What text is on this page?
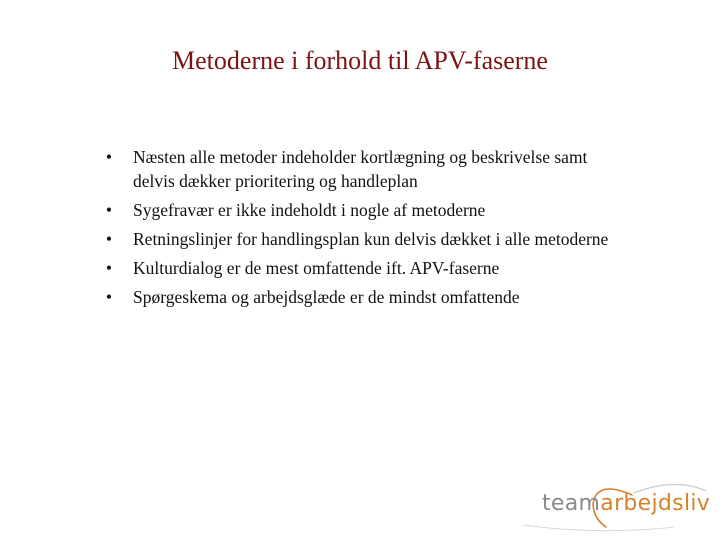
Metoderne i forhold til APV-faserne
•	Næsten alle metoder indeholder kortlægning og beskrivelse samt delvis dækker prioritering og handleplan
•	Sygefravær er ikke indeholdt i nogle af metoderne
•	Retningslinjer for handlingsplan kun delvis dækket i alle metoderne
•	Kulturdialog er de mest omfattende ift. APV-faserne
•	Spørgeskema og arbejdsglæde er de mindst omfattende
teamarbejdsliv
